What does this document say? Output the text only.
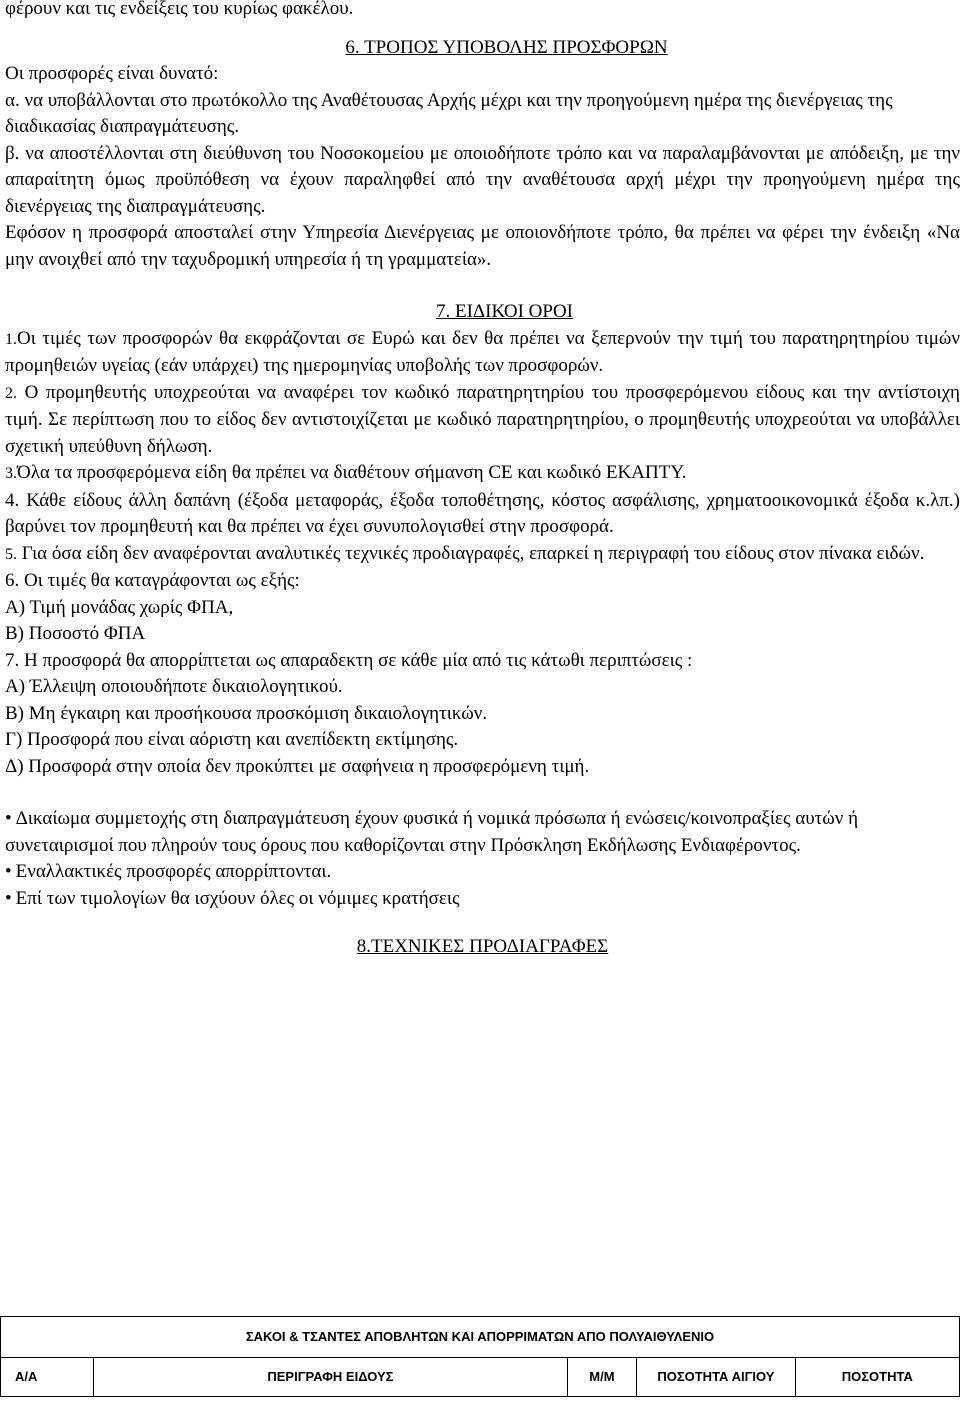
φέρουν και τις ενδείξεις του κυρίως φακέλου.

6. ΤΡΟΠΟΣ ΥΠΟΒΟΛΗΣ ΠΡΟΣΦΟΡΩΝ

Οι προσφορές είναι δυνατό:

α. να υποβάλλονται στο πρωτόκολλο της Αναθέτουσας Αρχής μέχρι και την προηγούμενη ημέρα της διενέργειας της διαδικασίας διαπραγμάτευσης.

β. να αποστέλλονται στη διεύθυνση του Νοσοκομείου με οποιοδήποτε τρόπο και να παραλαμβάνονται με απόδειξη, με την απαραίτητη όμως προϋπόθεση να έχουν παραληφθεί από την αναθέτουσα αρχή μέχρι την προηγούμενη ημέρα της διενέργειας της διαπραγμάτευσης.

Εφόσον η προσφορά αποσταλεί στην Υπηρεσία Διενέργειας με οποιονδήποτε τρόπο, θα πρέπει να φέρει την ένδειξη «Να μην ανοιχθεί από την ταχυδρομική υπηρεσία ή τη γραμματεία».

7. ΕΙΔΙΚΟΙ ΟΡΟΙ

1.Οι τιμές των προσφορών θα εκφράζονται σε Ευρώ και δεν θα πρέπει να ξεπερνούν την τιμή του παρατηρητηρίου τιμών προμηθειών υγείας (εάν υπάρχει) της ημερομηνίας υποβολής των προσφορών.

2. Ο προμηθευτής υποχρεούται να αναφέρει τον κωδικό παρατηρητηρίου του προσφερόμενου είδους και την αντίστοιχη τιμή. Σε περίπτωση που το είδος δεν αντιστοιχίζεται με κωδικό παρατηρητηρίου, ο προμηθευτής υποχρεούται να υποβάλλει σχετική υπεύθυνη δήλωση.

3.Όλα τα προσφερόμενα είδη θα πρέπει να διαθέτουν σήμανση CE και κωδικό ΕΚΑΠΤΥ.

4. Κάθε είδους άλλη δαπάνη (έξοδα μεταφοράς, έξοδα τοποθέτησης, κόστος ασφάλισης, χρηματοοικονομικά έξοδα κ.λπ.) βαρύνει τον προμηθευτή και θα πρέπει να έχει συνυπολογισθεί στην προσφορά.

5. Για όσα είδη δεν αναφέρονται αναλυτικές τεχνικές προδιαγραφές, επαρκεί η περιγραφή του είδους στον πίνακα ειδών.

6. Οι τιμές θα καταγράφονται ως εξής:

Α) Τιμή μονάδας χωρίς ΦΠΑ,

Β) Ποσοστό ΦΠΑ

7. Η προσφορά θα απορρίπτεται ως απαραδεκτη σε κάθε μία από τις κάτωθι περιπτώσεις :

Α) Έλλειψη οποιουδήποτε δικαιολογητικού.

Β) Μη έγκαιρη και προσήκουσα προσκόμιση δικαιολογητικών.

Γ) Προσφορά που είναι αόριστη και ανεπίδεκτη εκτίμησης.

Δ) Προσφορά στην οποία δεν προκύπτει με σαφήνεια η προσφερόμενη τιμή.

• Δικαίωμα συμμετοχής στη διαπραγμάτευση έχουν φυσικά ή νομικά πρόσωπα ή ενώσεις/κοινοπραξίες αυτών ή συνεταιρισμοί που πληρούν τους όρους που καθορίζονται στην Πρόσκληση Εκδήλωσης Ενδιαφέροντος.

• Εναλλακτικές προσφορές απορρίπτονται.

• Επί των τιμολογίων θα ισχύουν όλες οι νόμιμες κρατήσεις

8.ΤΕΧΝΙΚΕΣ ΠΡΟΔΙΑΓΡΑΦΕΣ

ΣΑΚΟΙ & ΤΣΑΝΤΕΣ ΑΠΟΒΛΗΤΩΝ ΚΑΙ ΑΠΟΡΡΙΜΑΤΩΝ ΑΠΟ ΠΟΛΥΑΙΘΥΛΕΝΙΟ
Α/Α	ΠΕΡΙΓΡΑΦΗ ΕΙΔΟΥΣ	Μ/Μ	ΠΟΣΟΤΗΤΑ ΑΙΓΙΟΥ	ΠΟΣΟΤΗΤΑ
